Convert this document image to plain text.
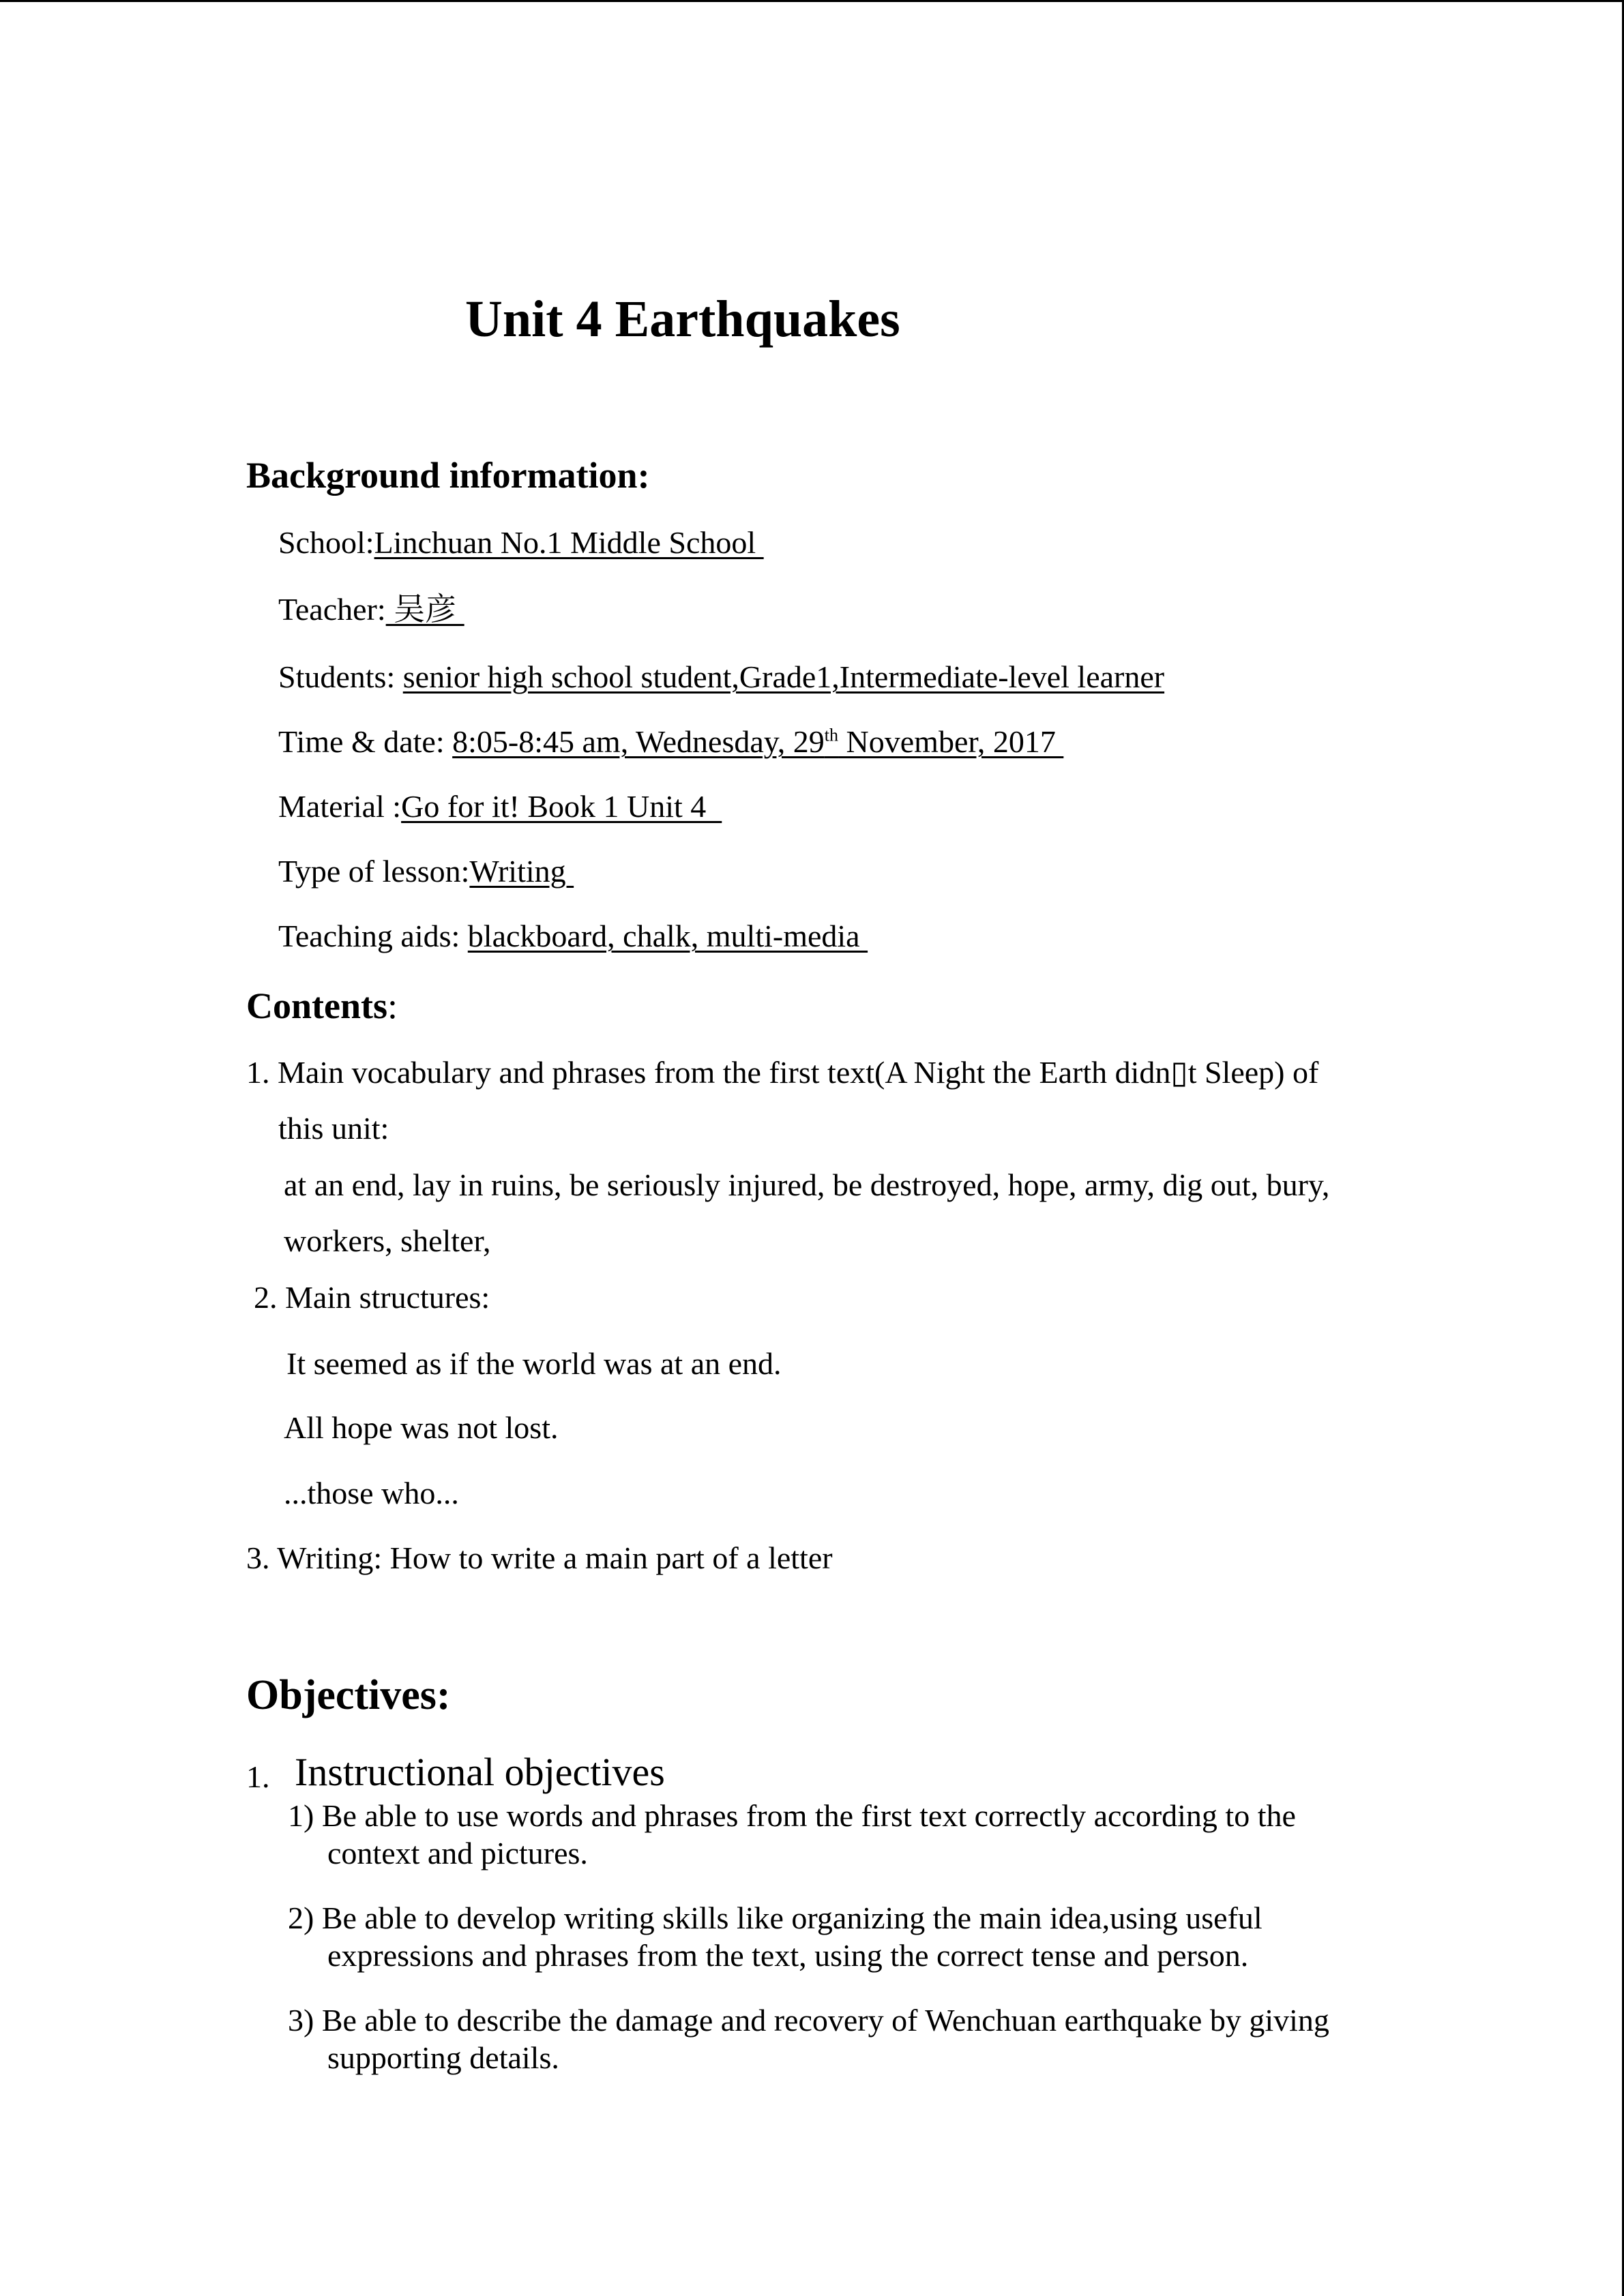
Unit 4 Earthquakes
Background information:
School:Linchuan No.1 Middle School
Teacher: 吴彦
Students: senior high school student,Grade1,Intermediate-level learner
Time & date: 8:05-8:45 am, Wednesday, 29th November, 2017
Material :Go for it! Book 1 Unit 4
Type of lesson:Writing
Teaching aids: blackboard, chalk, multi-media
Contents:
1. Main vocabulary and phrases from the first text(A Night the Earth didn▯t Sleep) of
this unit:
at an end, lay in ruins, be seriously injured, be destroyed, hope, army, dig out, bury,
workers, shelter,
2. Main structures:
It seemed as if the world was at an end.
All hope was not lost.
...those who...
3. Writing: How to write a main part of a letter
Objectives:
1. Instructional objectives
1) Be able to use words and phrases from the first text correctly according to the
context and pictures.
2) Be able to develop writing skills like organizing the main idea,using useful
expressions and phrases from the text, using the correct tense and person.
3) Be able to describe the damage and recovery of Wenchuan earthquake by giving
supporting details.
